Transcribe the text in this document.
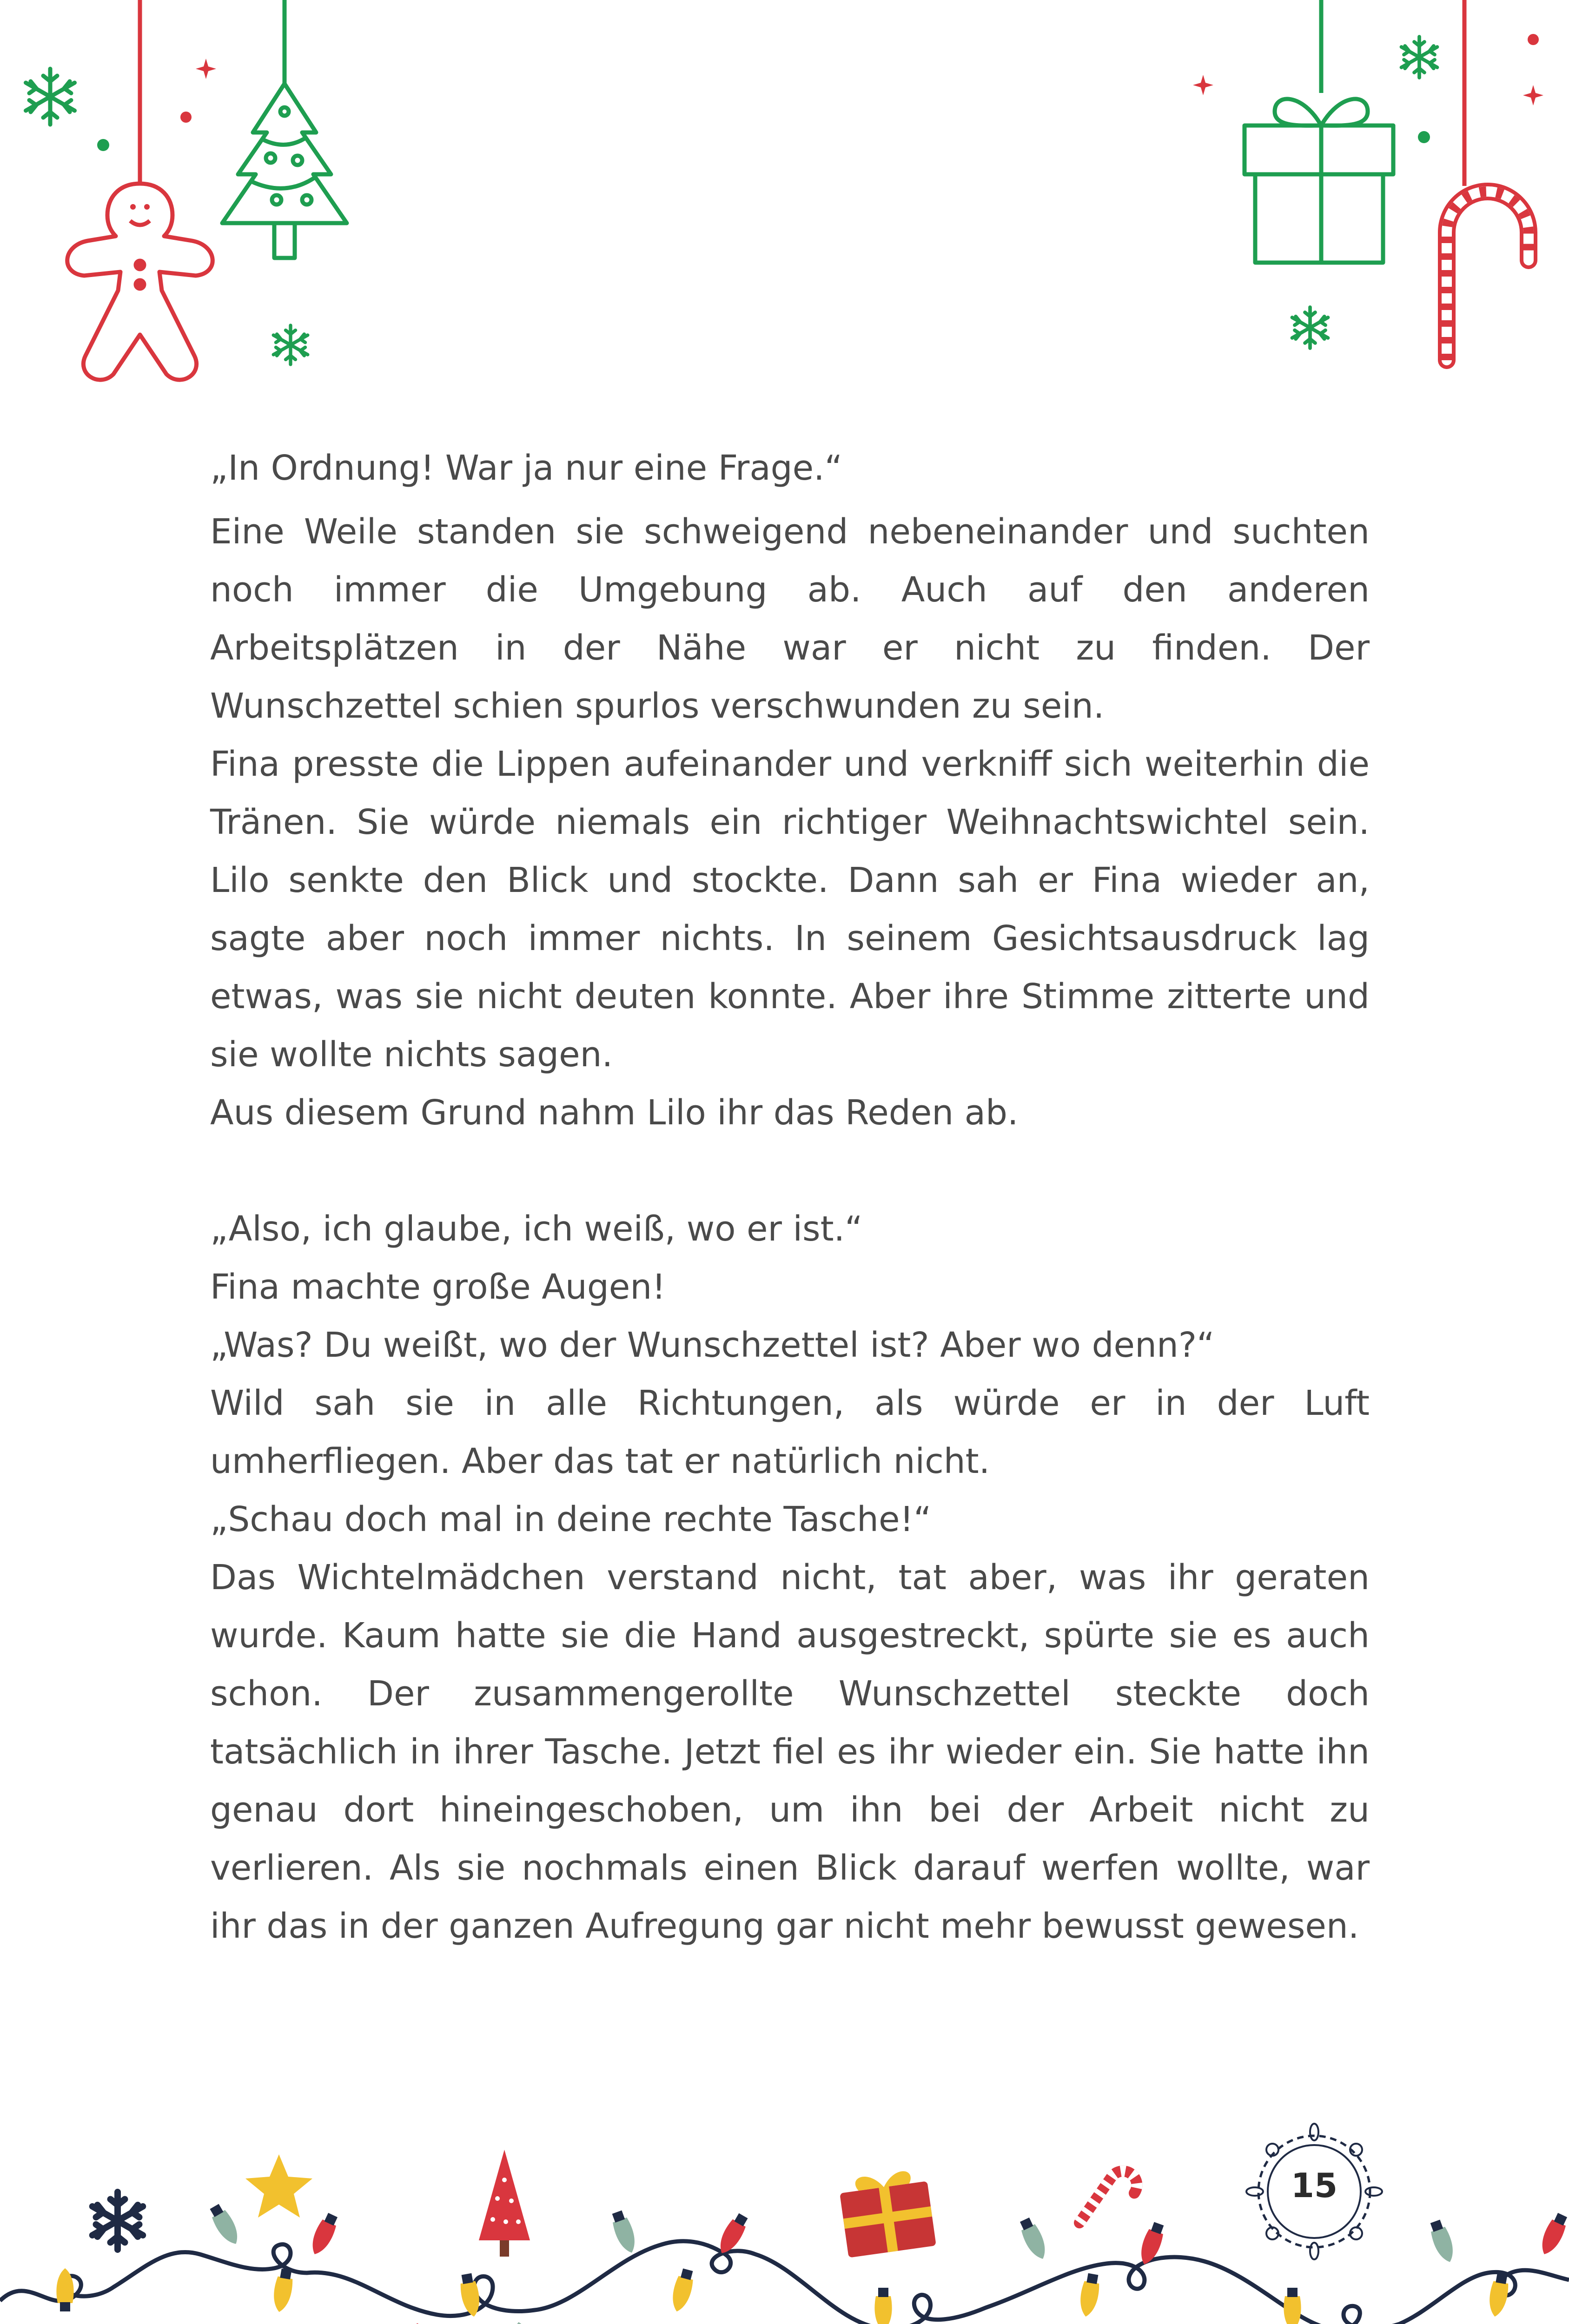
„In Ordnung! War ja nur eine Frage.“

Eine Weile standen sie schweigend nebeneinander und suchten noch immer die Umgebung ab. Auch auf den anderen Arbeitsplätzen in der Nähe war er nicht zu finden. Der Wunschzettel schien spurlos verschwunden zu sein.

Fina presste die Lippen aufeinander und verkniff sich weiterhin die Tränen. Sie würde niemals ein richtiger Weihnachtswichtel sein. Lilo senkte den Blick und stockte. Dann sah er Fina wieder an, sagte aber noch immer nichts. In seinem Gesichtsausdruck lag etwas, was sie nicht deuten konnte. Aber ihre Stimme zitterte und sie wollte nichts sagen.

Aus diesem Grund nahm Lilo ihr das Reden ab.

„Also, ich glaube, ich weiß, wo er ist.“

Fina machte große Augen!

„Was? Du weißt, wo der Wunschzettel ist? Aber wo denn?“

Wild sah sie in alle Richtungen, als würde er in der Luft umherfliegen. Aber das tat er natürlich nicht.

„Schau doch mal in deine rechte Tasche!“

Das Wichtelmädchen verstand nicht, tat aber, was ihr geraten wurde. Kaum hatte sie die Hand ausgestreckt, spürte sie es auch schon. Der zusammengerollte Wunschzettel steckte doch tatsächlich in ihrer Tasche. Jetzt fiel es ihr wieder ein. Sie hatte ihn genau dort hineingeschoben, um ihn bei der Arbeit nicht zu verlieren. Als sie nochmals einen Blick darauf werfen wollte, war ihr das in der ganzen Aufregung gar nicht mehr bewusst gewesen.

15
